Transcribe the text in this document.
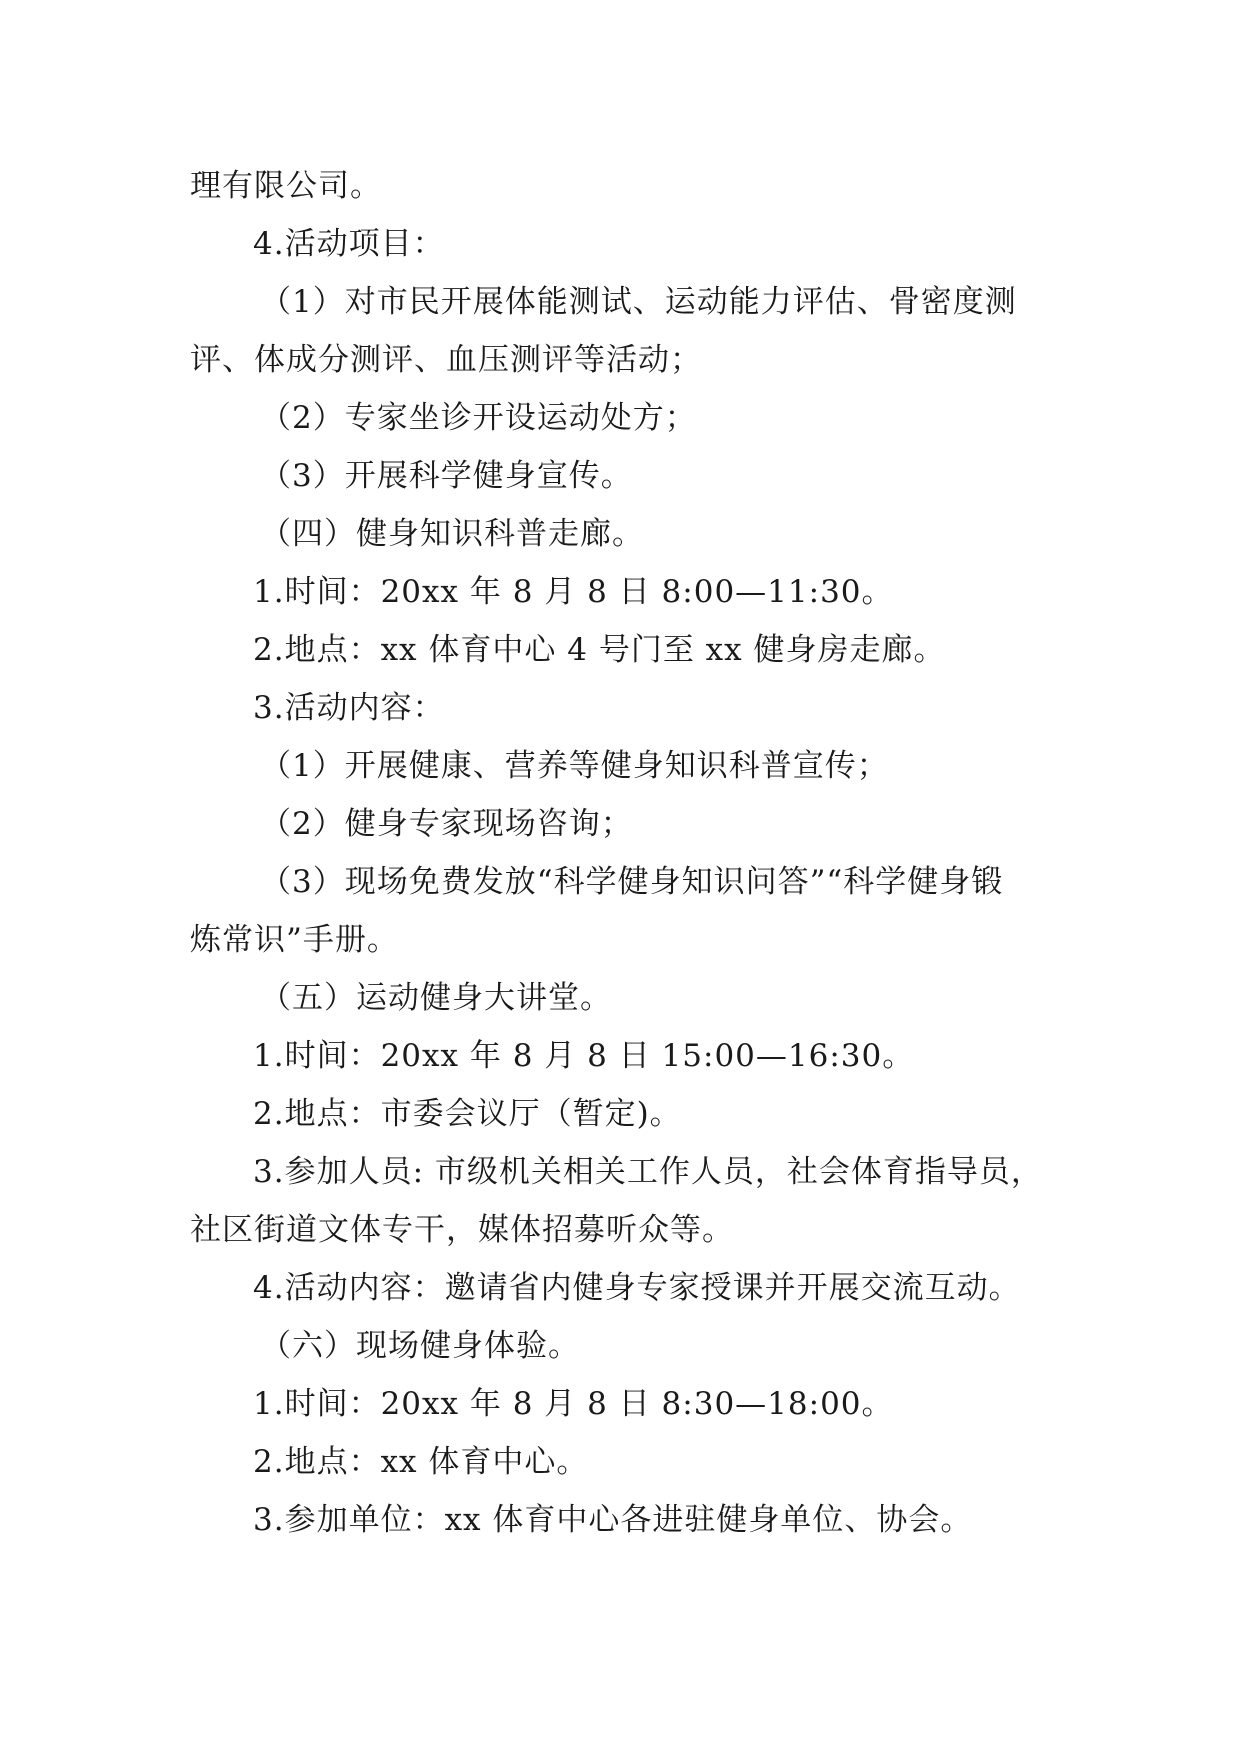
理有限公司。
4.活动项目：
（1）对市民开展体能测试、运动能力评估、骨密度测
评、体成分测评、血压测评等活动；
（2）专家坐诊开设运动处方；
（3）开展科学健身宣传。
（四）健身知识科普走廊。
1.时间：20xx 年 8 月 8 日 8:00—11:30。
2.地点：xx 体育中心 4 号门至 xx 健身房走廊。
3.活动内容：
（1）开展健康、营养等健身知识科普宣传；
（2）健身专家现场咨询；
（3）现场免费发放“科学健身知识问答”“科学健身锻
炼常识”手册。
（五）运动健身大讲堂。
1.时间：20xx 年 8 月 8 日 15:00—16:30。
2.地点：市委会议厅（暂定)。
3.参加人员: 市级机关相关工作人员，社会体育指导员，
社区街道文体专干，媒体招募听众等。
4.活动内容：邀请省内健身专家授课并开展交流互动。
（六）现场健身体验。
1.时间：20xx 年 8 月 8 日 8:30—18:00。
2.地点：xx 体育中心。
3.参加单位：xx 体育中心各进驻健身单位、协会。
